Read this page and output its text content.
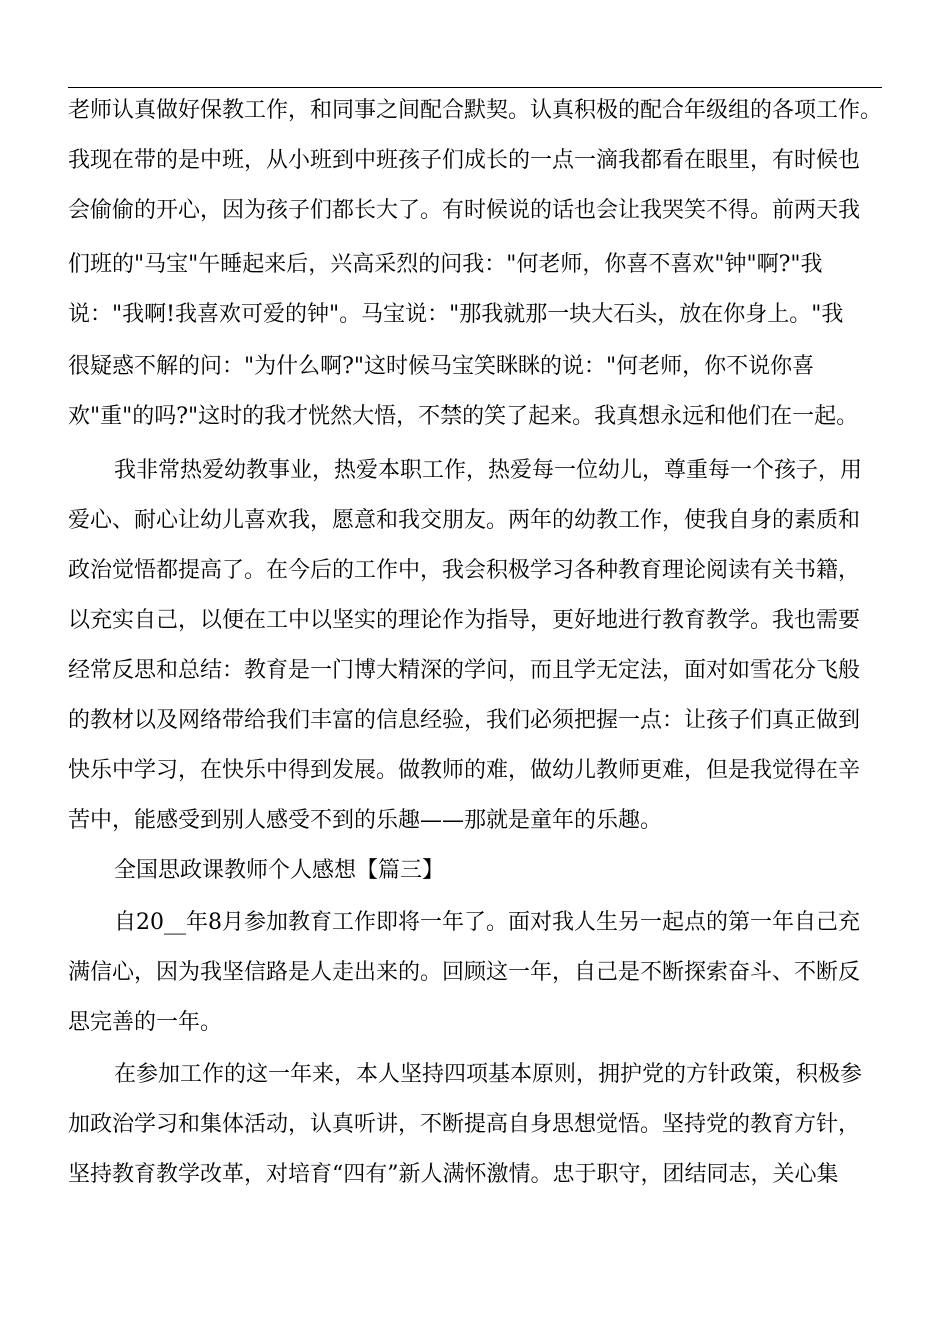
老师认真做好保教工作，和同事之间配合默契。认真积极的配合年级组的各项工作。
我现在带的是中班，从小班到中班孩子们成长的一点一滴我都看在眼里，有时候也
会偷偷的开心，因为孩子们都长大了。有时候说的话也会让我哭笑不得。前两天我
们班的"马宝"午睡起来后，兴高采烈的问我："何老师，你喜不喜欢"钟"啊?"我
说："我啊!我喜欢可爱的钟"。马宝说："那我就那一块大石头，放在你身上。"我
很疑惑不解的问："为什么啊?"这时候马宝笑眯眯的说："何老师，你不说你喜
欢"重"的吗?"这时的我才恍然大悟，不禁的笑了起来。我真想永远和他们在一起。
我非常热爱幼教事业，热爱本职工作，热爱每一位幼儿，尊重每一个孩子，用
爱心、耐心让幼儿喜欢我，愿意和我交朋友。两年的幼教工作，使我自身的素质和
政治觉悟都提高了。在今后的工作中，我会积极学习各种教育理论阅读有关书籍，
以充实自己，以便在工中以坚实的理论作为指导，更好地进行教育教学。我也需要
经常反思和总结：教育是一门博大精深的学问，而且学无定法，面对如雪花分飞般
的教材以及网络带给我们丰富的信息经验，我们必须把握一点：让孩子们真正做到
快乐中学习，在快乐中得到发展。做教师的难，做幼儿教师更难，但是我觉得在辛
苦中，能感受到别人感受不到的乐趣——那就是童年的乐趣。
全国思政课教师个人感想【篇三】
自20__年8月参加教育工作即将一年了。面对我人生另一起点的第一年自己充
满信心，因为我坚信路是人走出来的。回顾这一年，自己是不断探索奋斗、不断反
思完善的一年。
在参加工作的这一年来，本人坚持四项基本原则，拥护党的方针政策，积极参
加政治学习和集体活动，认真听讲，不断提高自身思想觉悟。坚持党的教育方针，
坚持教育教学改革，对培育“四有”新人满怀激情。忠于职守，团结同志，关心集
